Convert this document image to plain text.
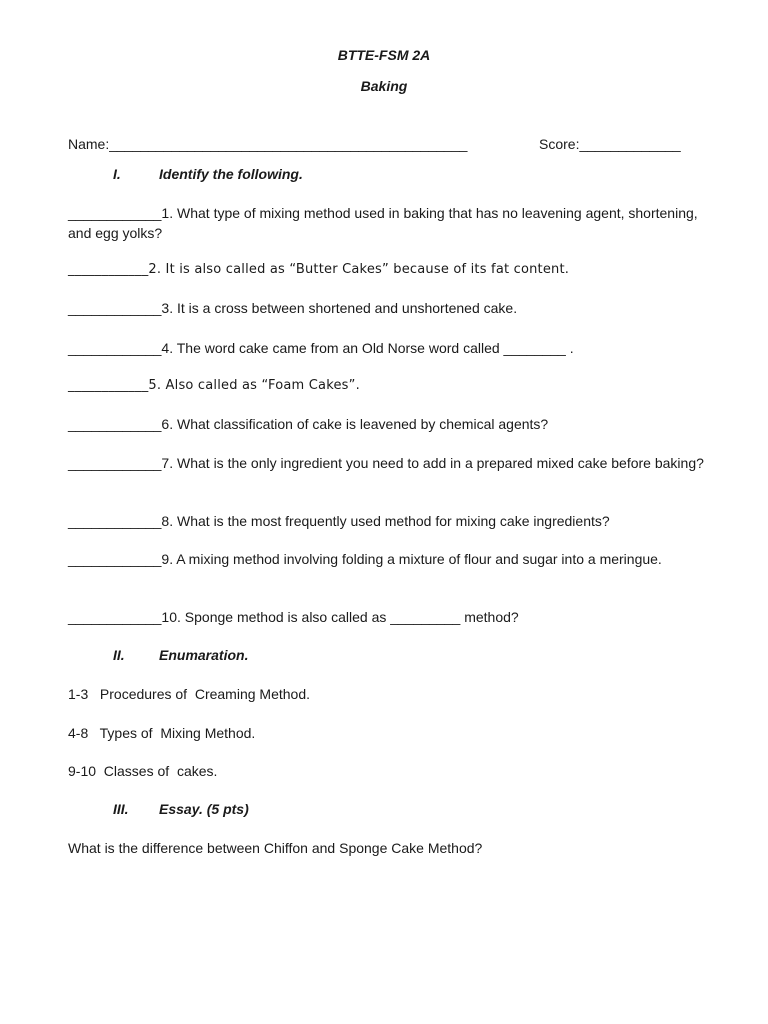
BTTE-FSM 2A
Baking
Name:______________________________________________	Score:_____________
I.	Identify the following.
____________1. What type of mixing method used in baking that has no leavening agent, shortening, and egg yolks?
____________2. It is also called as “Butter Cakes” because of its fat content.
____________3. It is a cross between shortened and unshortened cake.
____________4. The word cake came from an Old Norse word called ________ .
____________5. Also called as “Foam Cakes”.
____________6. What classification of cake is leavened by chemical agents?
____________7. What is the only ingredient you need to add in a prepared mixed cake before baking?
____________8. What is the most frequently used method for mixing cake ingredients?
____________9. A mixing method involving folding a mixture of flour and sugar into a meringue.
____________10. Sponge method is also called as _________ method?
II. Enumaration.
1-3   Procedures of  Creaming Method.
4-8   Types of  Mixing Method.
9-10  Classes of  cakes.
III. Essay. (5 pts)
What is the difference between Chiffon and Sponge Cake Method?
